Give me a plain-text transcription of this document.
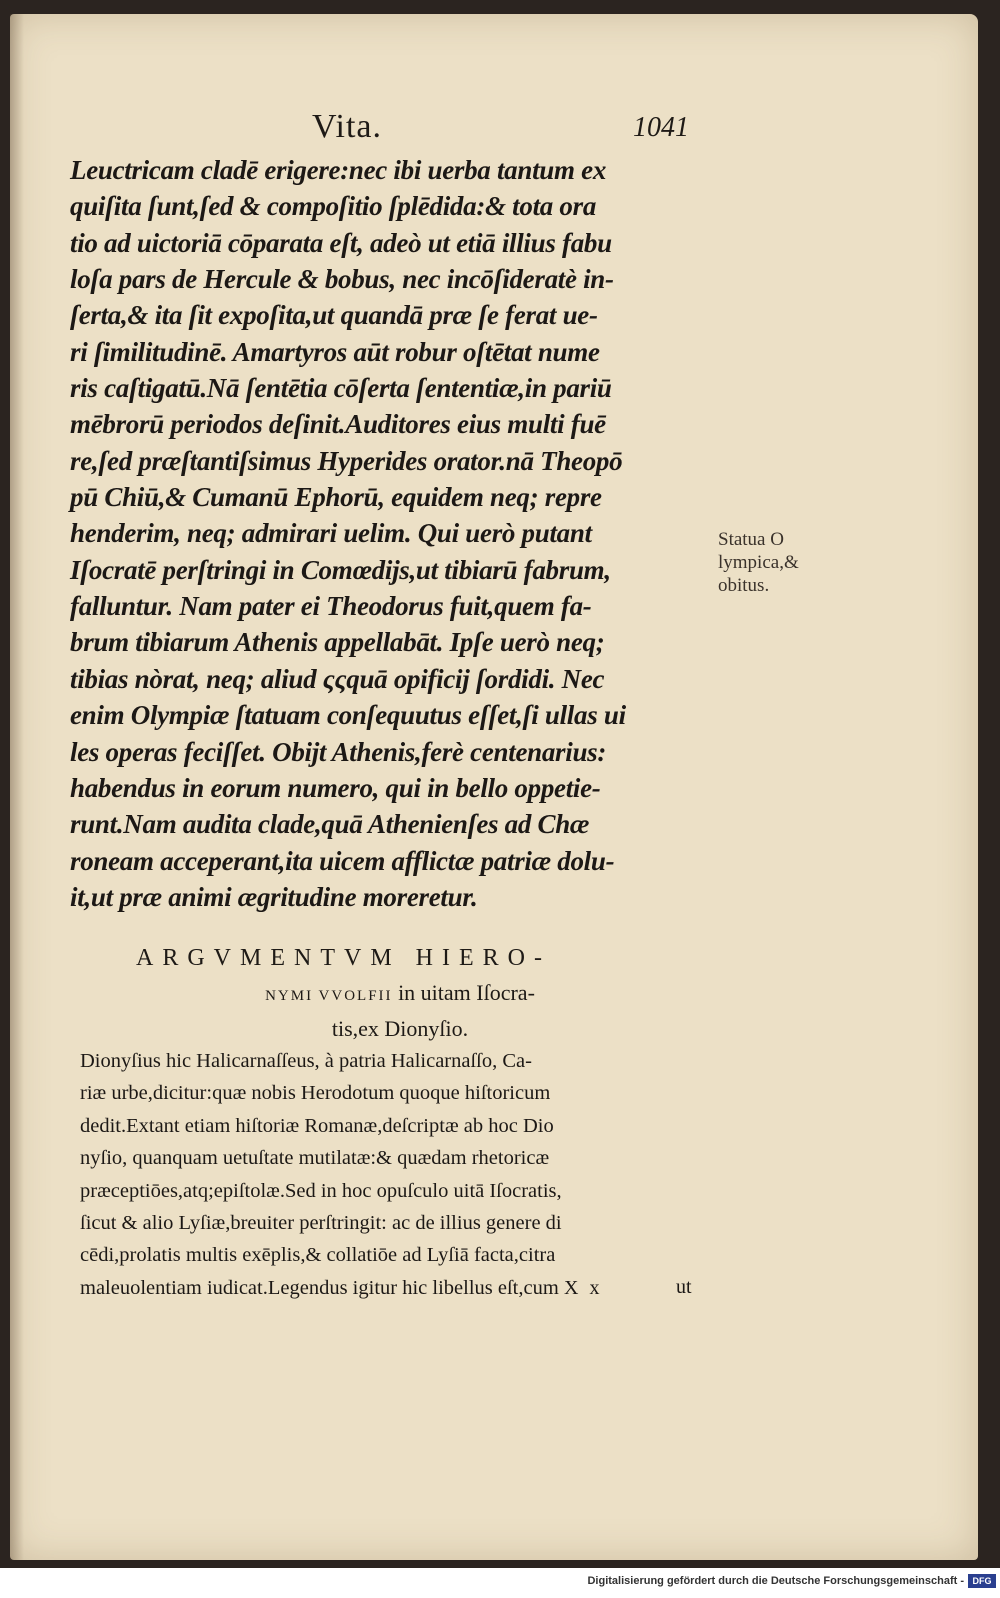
Vita.	1041
Leuctricam cladē erigere:nec ibi uerba tantum ex
quiſita ſunt,ſed & compoſitio ſplēdida:& tota ora
tio ad uictoriā cōparata eſt, adeò ut etiā illius fabu
loſa pars de Hercule & bobus, nec incōſideratè in-
ſerta,& ita ſit expoſita,ut quandā præ ſe ferat ue-
ri ſimilitudinē. Amartyros aūt robur oſtētat nume
ris caſtigatū.Nā ſentētia cōſerta ſententiæ,in pariū
mēbrorū periodos deſinit.Auditores eius multi fuē
re,ſed præſtantiſsimus Hyperides orator.nā Theopō
pū Chiū,& Cumanū Ephorū, equidem neq; repre
henderim, neq; admirari uelim. Qui uerò putant
Iſocratē perſtringi in Comœdijs,ut tibiarū fabrum,
falluntur. Nam pater ei Theodorus fuit,quem fa-
brum tibiarum Athenis appellabāt. Ipſe uerò neq;
tibias nòrat, neq; aliud ςςquā opificij ſordidi. Nec
enim Olympiæ ſtatuam conſequutus eſſet,ſi ullas ui
les operas feciſſet. Obijt Athenis,ferè centenarius:
habendus in eorum numero, qui in bello oppetie-
runt.Nam audita clade,quā Athenienſes ad Chæ
roneam acceperant,ita uicem afflictæ patriæ dolu-
it,ut præ animi ægritudine moreretur.
Statua O
lympica,&
obitus.
ARGVMENTVM HIERO-
NYMI VVOLFII in uitam Iſocra-
tis,ex Dionyſio.
Dionyſius hic Halicarnaſſeus, à patria Halicarnaſſo, Ca-
riæ urbe,dicitur:quæ nobis Herodotum quoque hiſtoricum
dedit.Extant etiam hiſtoriæ Romanæ,deſcriptæ ab hoc Dio
nyſio, quanquam uetuſtate mutilatæ:& quædam rhetoricæ
præceptiōes,atq;epiſtolæ.Sed in hoc opuſculo uitā Iſocratis,
ſicut & alio Lyſiæ,breuiter perſtringit: ac de illius genere di
cēdi,prolatis multis exēplis,& collatiōe ad Lyſiā facta,citra
maleuolentiam iudicat.Legendus igitur hic libellus eſt,cum X x	ut
Digitalisierung gefördert durch die Deutsche Forschungsgemeinschaft - DFG
